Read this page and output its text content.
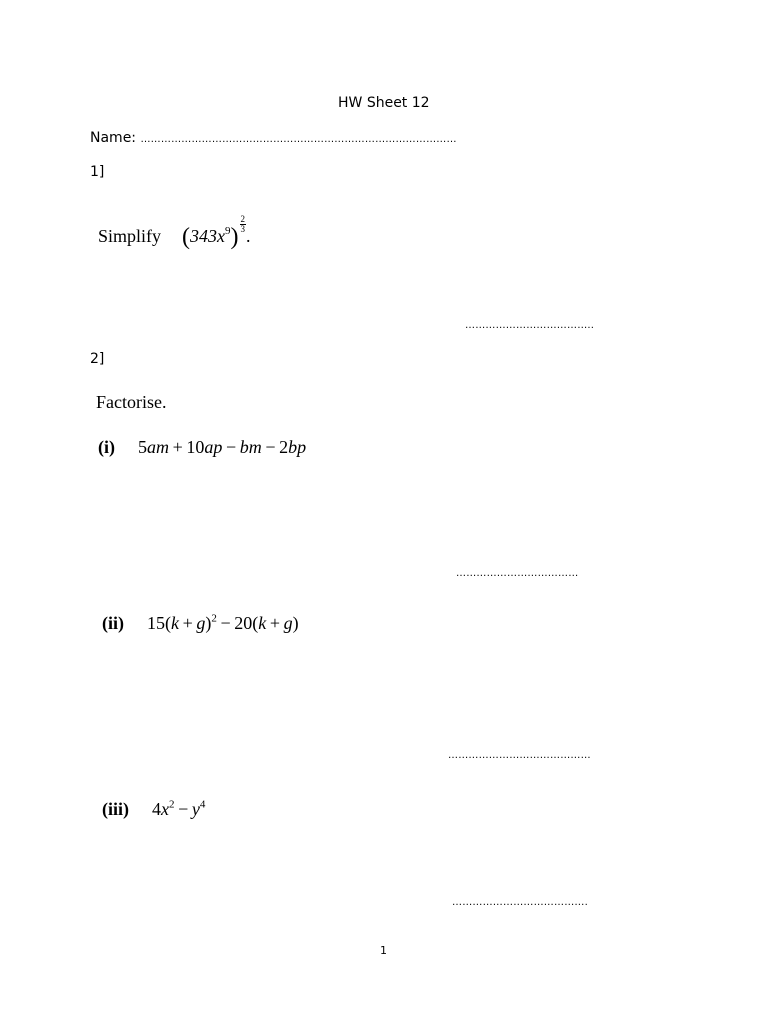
HW Sheet 12
Name: …………………………………………………………………………………
1]
Simplify $(343x^9) \frac{2}{3}$
.
………………………………..
2]
Factorise.
(i) 5am + 10ap − bm − 2bp
………………………………
(ii) $15(k + g)^2 - 20(k + g)$
……………………………………
(iii) $4x^2 - y^4$
………………………………….
1
